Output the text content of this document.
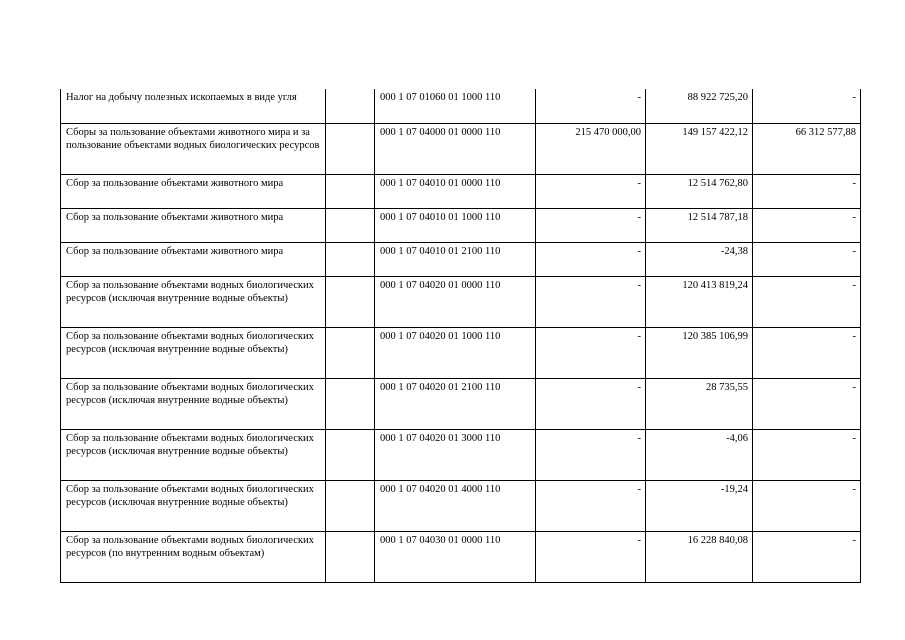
Налог на добычу полезных ископаемых в виде угля		000 1 07 01060 01 1000 110	-	88 922 725,20	-
Сборы за пользование объектами животного мира и за пользование объектами водных биологических ресурсов		000 1 07 04000 01 0000 110	215 470 000,00	149 157 422,12	66 312 577,88
Сбор за пользование объектами животного мира		000 1 07 04010 01 0000 110	-	12 514 762,80	-
Сбор за пользование объектами животного мира		000 1 07 04010 01 1000 110	-	12 514 787,18	-
Сбор за пользование объектами животного мира		000 1 07 04010 01 2100 110	-	-24,38	-
Сбор за пользование объектами водных биологических ресурсов (исключая внутренние водные объекты)		000 1 07 04020 01 0000 110	-	120 413 819,24	-
Сбор за пользование объектами водных биологических ресурсов (исключая внутренние водные объекты)		000 1 07 04020 01 1000 110	-	120 385 106,99	-
Сбор за пользование объектами водных биологических ресурсов (исключая внутренние водные объекты)		000 1 07 04020 01 2100 110	-	28 735,55	-
Сбор за пользование объектами водных биологических ресурсов (исключая внутренние водные объекты)		000 1 07 04020 01 3000 110	-	-4,06	-
Сбор за пользование объектами водных биологических ресурсов (исключая внутренние водные объекты)		000 1 07 04020 01 4000 110	-	-19,24	-
Сбор за пользование объектами водных биологических ресурсов (по внутренним водным объектам)		000 1 07 04030 01 0000 110	-	16 228 840,08	-
